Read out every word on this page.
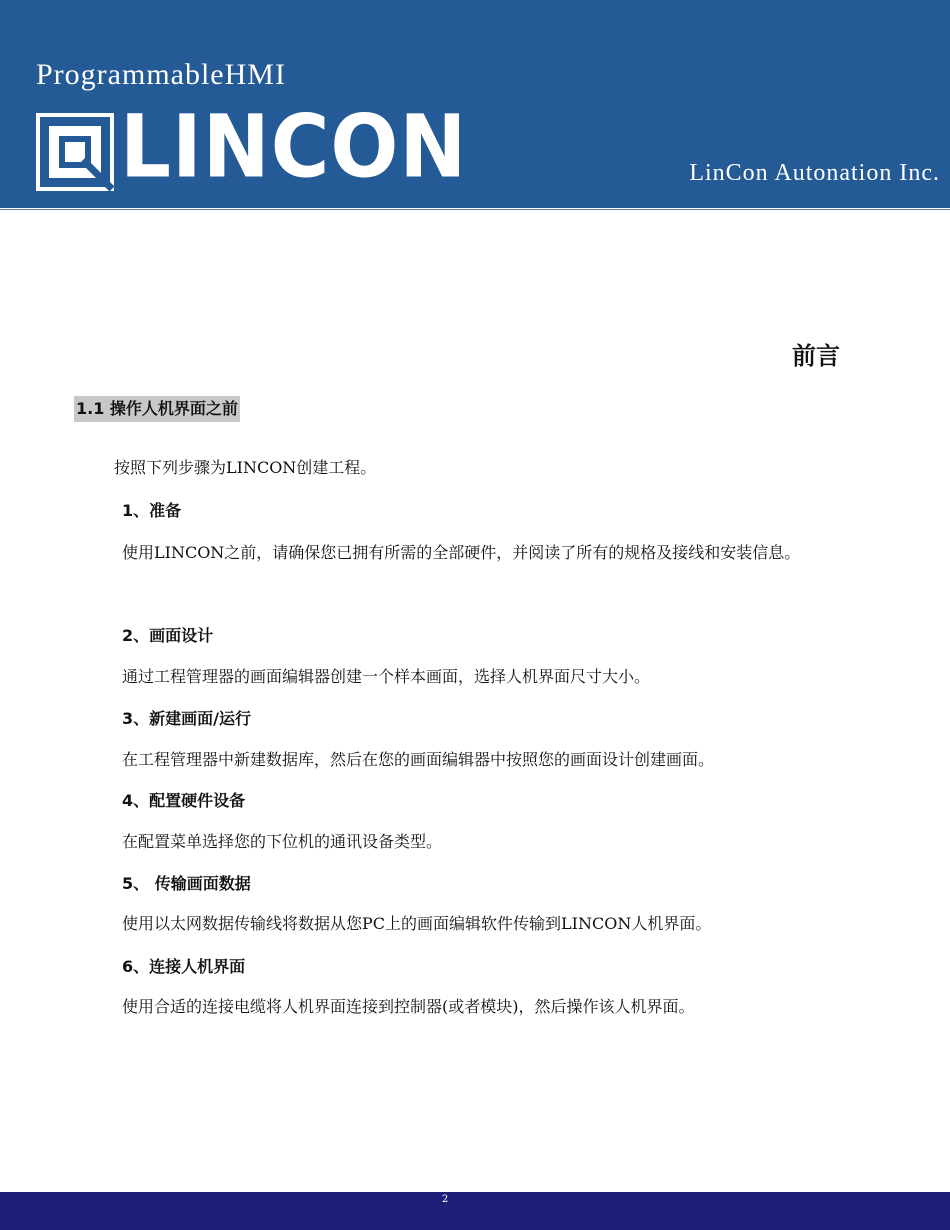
ProgrammableHMI
LINCON	LinCon Autonation Inc.
前言
1.1 操作人机界面之前
按照下列步骤为LINCON创建工程。
1、准备

使用LINCON之前，请确保您已拥有所需的全部硬件，并阅读了所有的规格及接线和安装信息。

2、画面设计

通过工程管理器的画面编辑器创建一个样本画面，选择人机界面尺寸大小。

3、新建画面/运行

在工程管理器中新建数据库，然后在您的画面编辑器中按照您的画面设计创建画面。

4、配置硬件设备

在配置菜单选择您的下位机的通讯设备类型。

5、 传输画面数据

使用以太网数据传输线将数据从您PC上的画面编辑软件传输到LINCON人机界面。

6、连接人机界面

使用合适的连接电缆将人机界面连接到控制器(或者模块)，然后操作该人机界面。

2
